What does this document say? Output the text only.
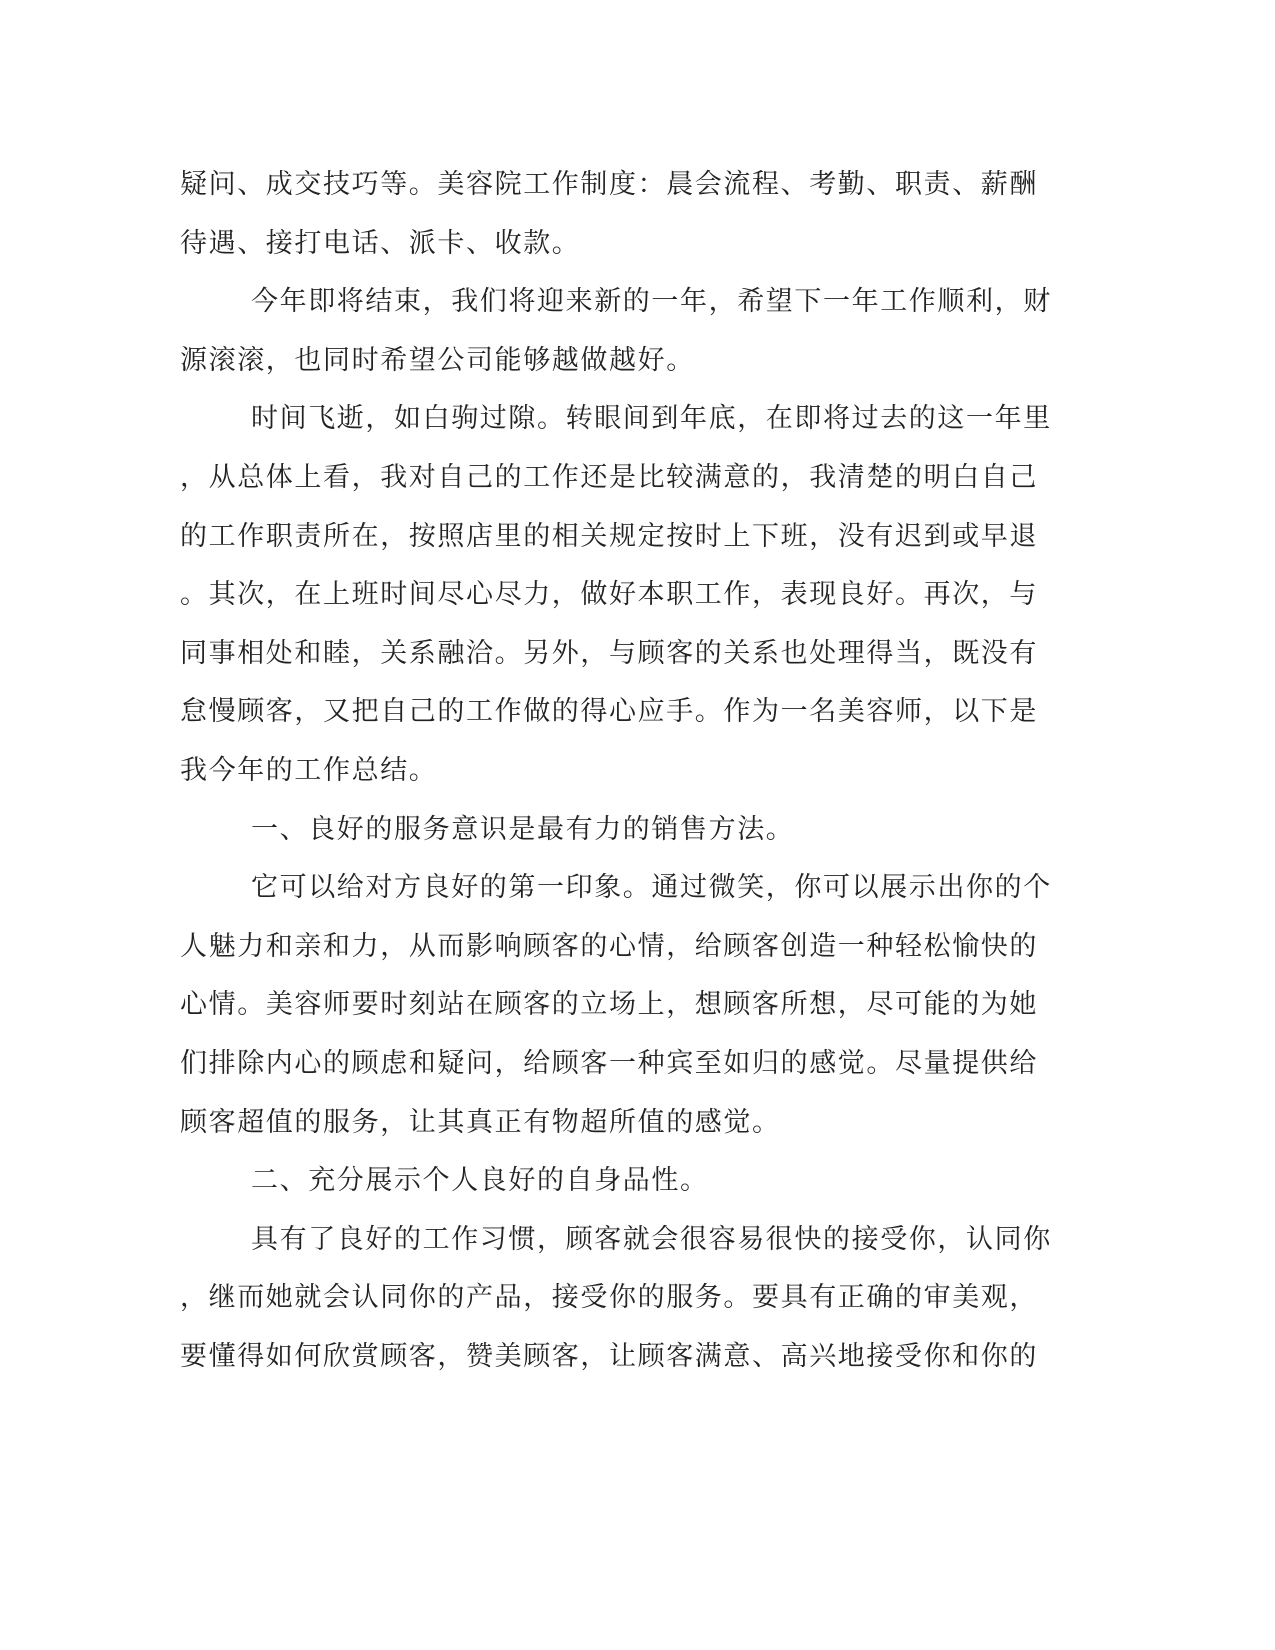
疑问、成交技巧等。美容院工作制度：晨会流程、考勤、职责、薪酬
待遇、接打电话、派卡、收款。
今年即将结束，我们将迎来新的一年，希望下一年工作顺利，财
源滚滚，也同时希望公司能够越做越好。
时间飞逝，如白驹过隙。转眼间到年底，在即将过去的这一年里
，从总体上看，我对自己的工作还是比较满意的，我清楚的明白自己
的工作职责所在，按照店里的相关规定按时上下班，没有迟到或早退
。其次，在上班时间尽心尽力，做好本职工作，表现良好。再次，与
同事相处和睦，关系融洽。另外，与顾客的关系也处理得当，既没有
怠慢顾客，又把自己的工作做的得心应手。作为一名美容师，以下是
我今年的工作总结。
一、良好的服务意识是最有力的销售方法。
它可以给对方良好的第一印象。通过微笑，你可以展示出你的个
人魅力和亲和力，从而影响顾客的心情，给顾客创造一种轻松愉快的
心情。美容师要时刻站在顾客的立场上，想顾客所想，尽可能的为她
们排除内心的顾虑和疑问，给顾客一种宾至如归的感觉。尽量提供给
顾客超值的服务，让其真正有物超所值的感觉。
二、充分展示个人良好的自身品性。
具有了良好的工作习惯，顾客就会很容易很快的接受你，认同你
，继而她就会认同你的产品，接受你的服务。要具有正确的审美观，
要懂得如何欣赏顾客，赞美顾客，让顾客满意、高兴地接受你和你的
